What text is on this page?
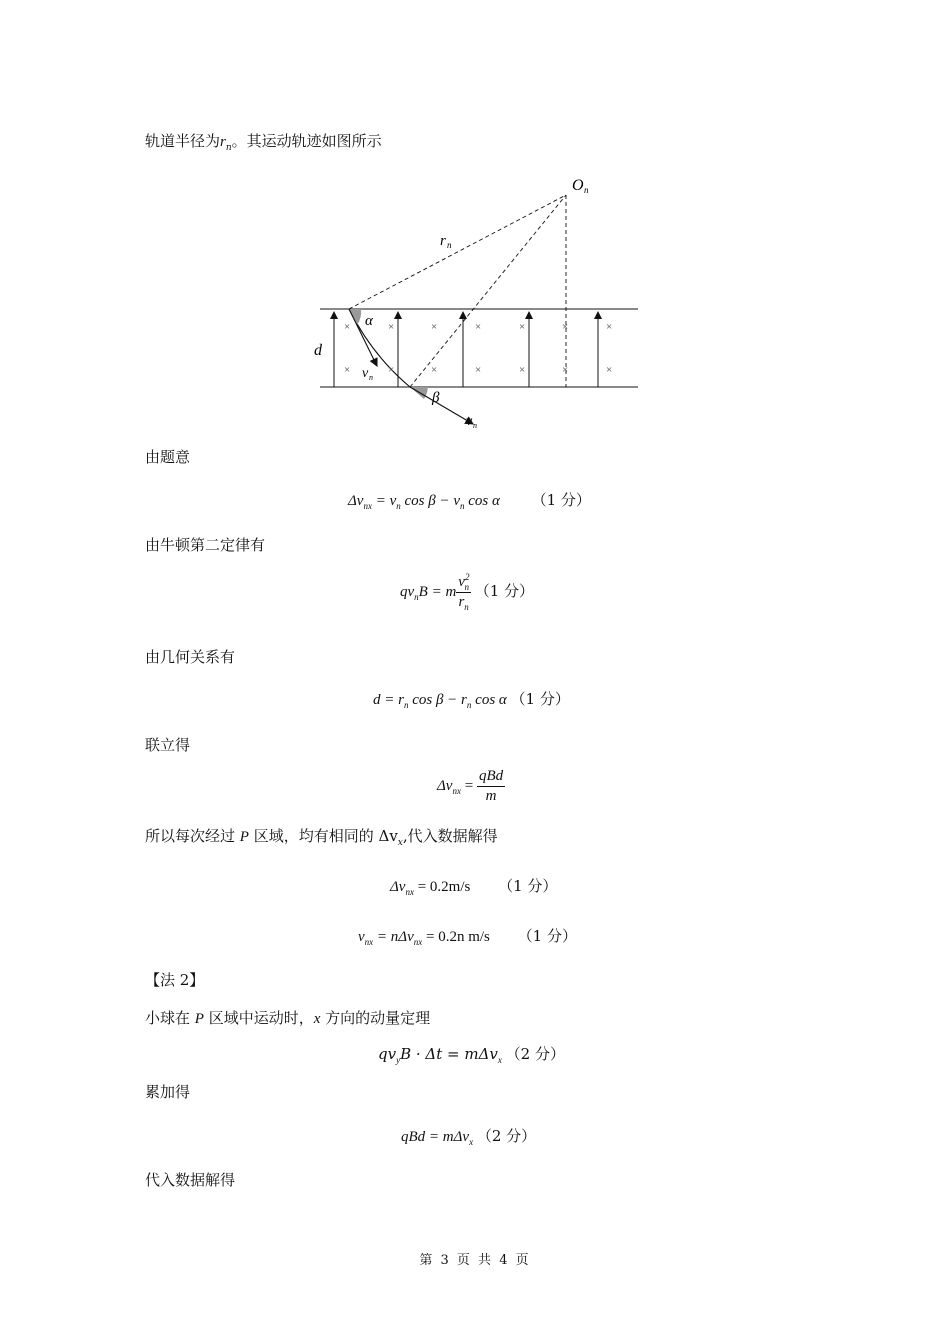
轨道半径为$r_n$。其运动轨迹如图所示
×	×	×	×	×	×	×
×	×	×	×	×	×	×
O n
r n
d
α
β
v n
v n
由题意
$\Delta v_{nx} = v_n$ $\cos \beta - v_n$ cos α （1 分）
由牛顿第二定律有
$qv_nB = m \frac{v^2_n}{r_n} (1$ 分）
由几何关系有
$d = r_n$ $\cos \beta - r_n$ cos α （1 分）
联立得
$\Delta v_{nx} = \frac{\text{qBd}}{m}$
所以每次经过 P 区域，均有相同的 $\Delta v_x$,代入数据解得
$\Delta v_{nx} = 0.2m/s$ （1 分）
$v_{nx} = n\Delta v_{nx} = 0.2n$ m/s （1 分）
【法 2】
小球在 P 区域中运动时，x 方向的动量定理
$qv_yB \cdot \Delta t = m\Delta v_x$ （2 分）
累加得
qBd = mΔv$_x$ （2 分）
代入数据解得
第 3 页 共 4 页
